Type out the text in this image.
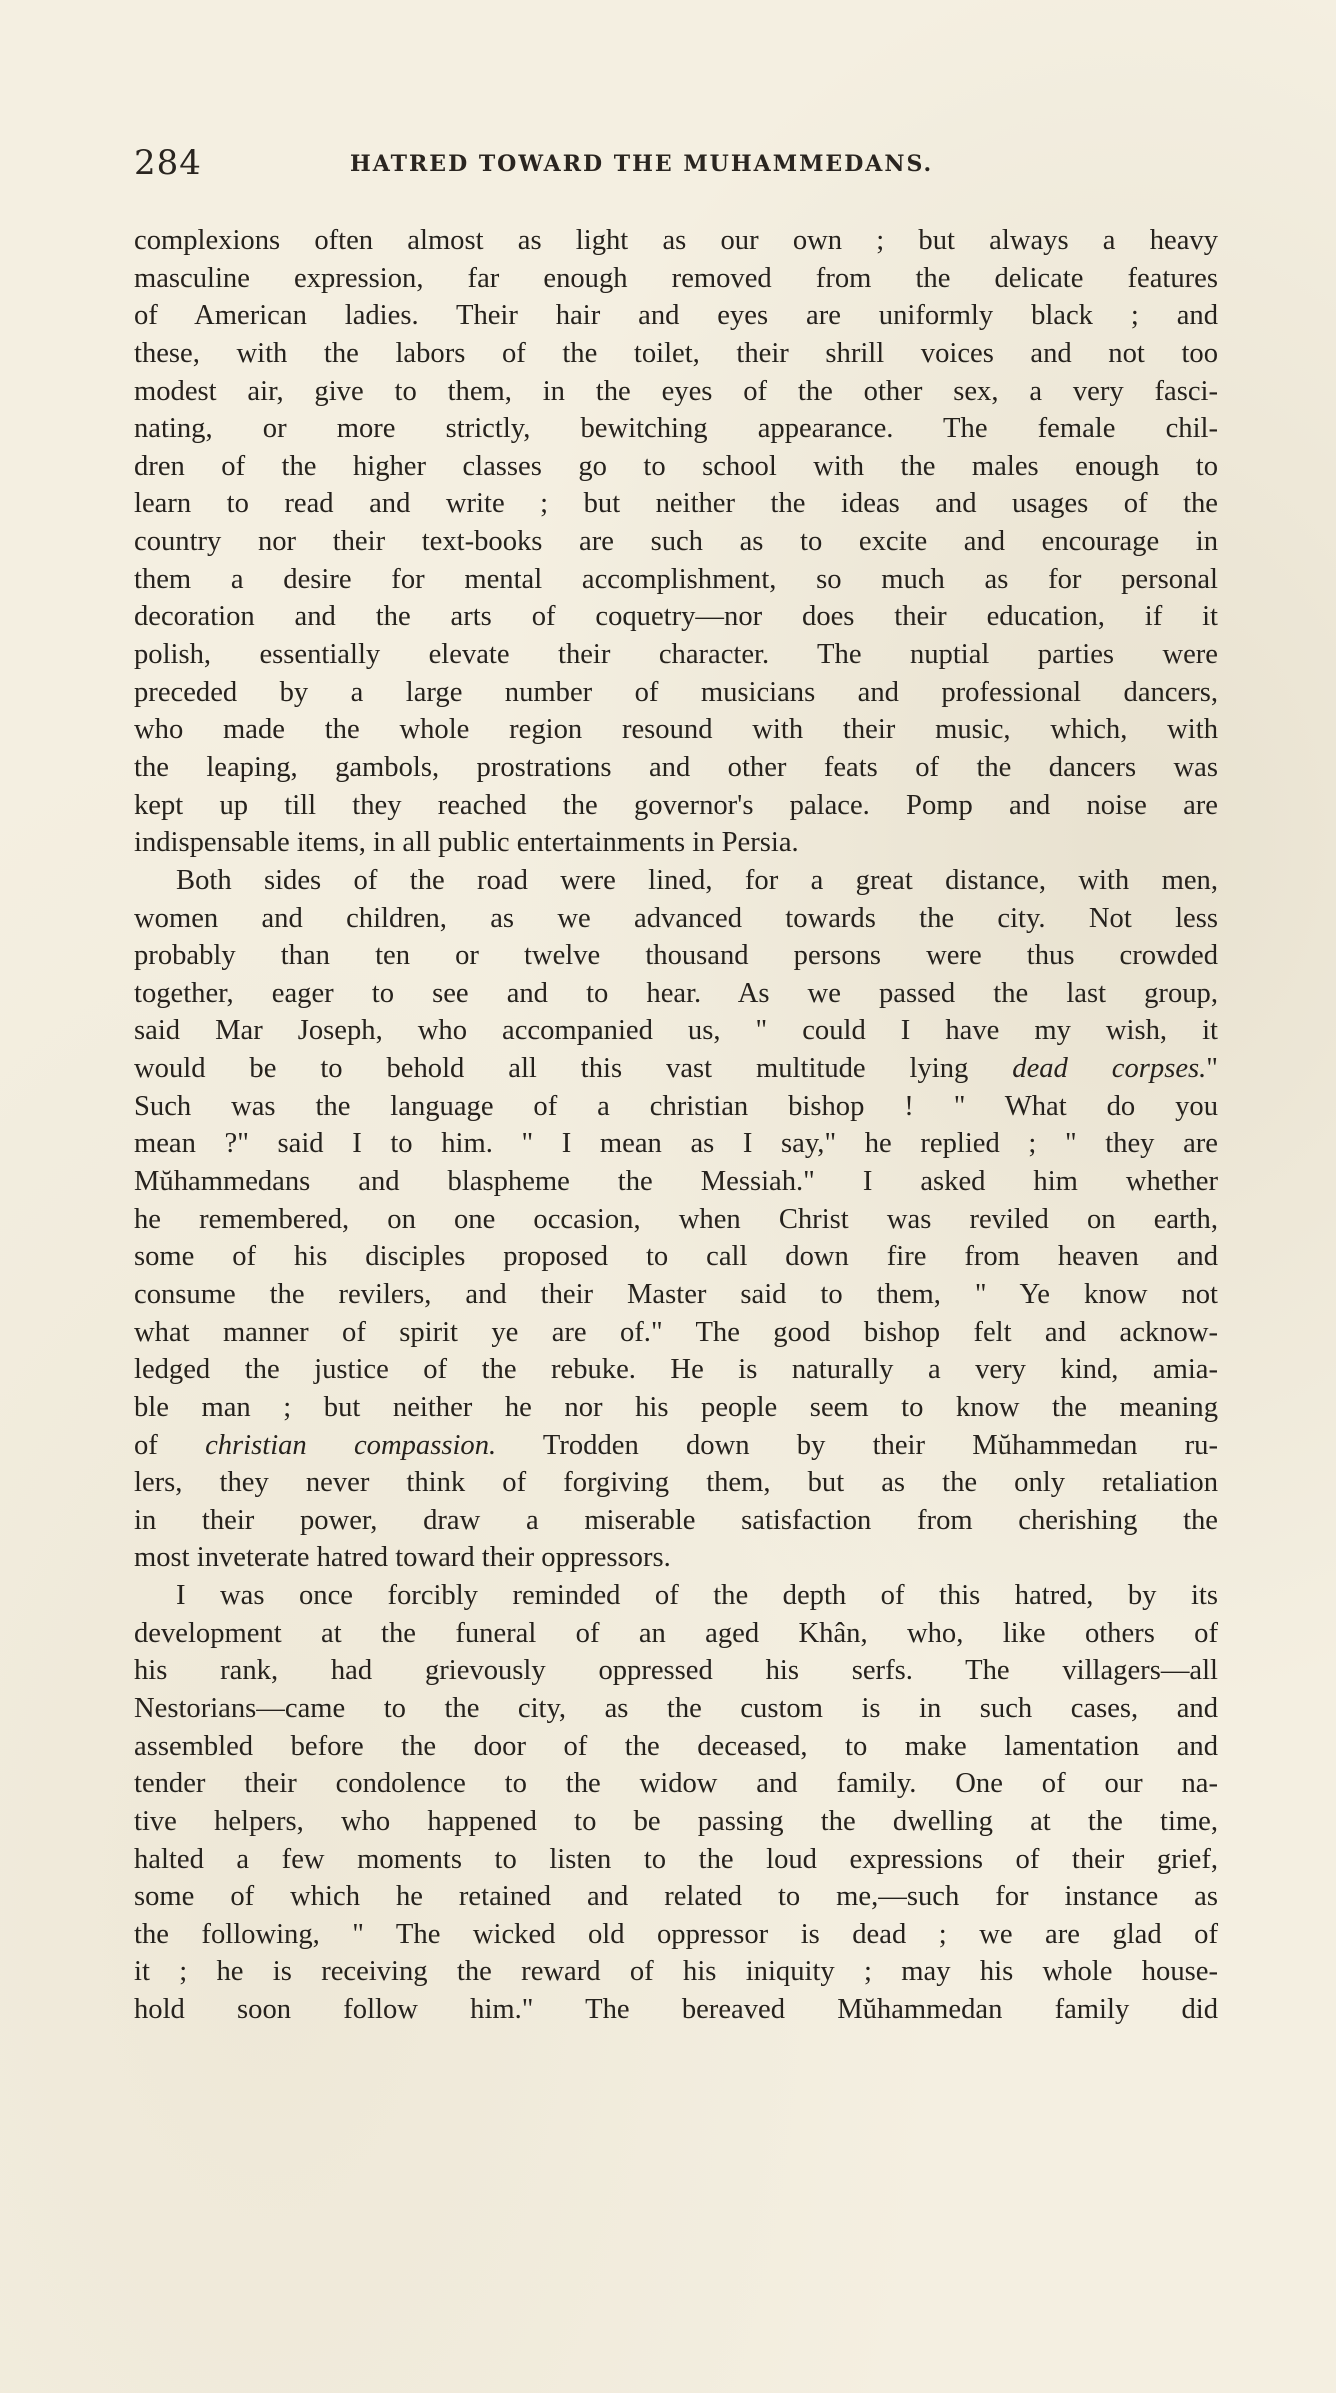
284	HATRED TOWARD THE MUHAMMEDANS.
complexions often almost as light as our own ; but always a heavy
masculine expression, far enough removed from the delicate features
of American ladies. Their hair and eyes are uniformly black ; and
these, with the labors of the toilet, their shrill voices and not too
modest air, give to them, in the eyes of the other sex, a very fasci-
nating, or more strictly, bewitching appearance. The female chil-
dren of the higher classes go to school with the males enough to
learn to read and write ; but neither the ideas and usages of the
country nor their text-books are such as to excite and encourage in
them a desire for mental accomplishment, so much as for personal
decoration and the arts of coquetry—nor does their education, if it
polish, essentially elevate their character. The nuptial parties were
preceded by a large number of musicians and professional dancers,
who made the whole region resound with their music, which, with
the leaping, gambols, prostrations and other feats of the dancers was
kept up till they reached the governor's palace. Pomp and noise are
indispensable items, in all public entertainments in Persia.
Both sides of the road were lined, for a great distance, with men,
women and children, as we advanced towards the city. Not less
probably than ten or twelve thousand persons were thus crowded
together, eager to see and to hear. As we passed the last group,
said Mar Joseph, who accompanied us, " could I have my wish, it
would be to behold all this vast multitude lying dead corpses."
Such was the language of a christian bishop ! " What do you
mean ?" said I to him. " I mean as I say," he replied ; " they are
Mŭhammedans and blaspheme the Messiah." I asked him whether
he remembered, on one occasion, when Christ was reviled on earth,
some of his disciples proposed to call down fire from heaven and
consume the revilers, and their Master said to them, " Ye know not
what manner of spirit ye are of." The good bishop felt and acknow-
ledged the justice of the rebuke. He is naturally a very kind, amia-
ble man ; but neither he nor his people seem to know the meaning
of christian compassion. Trodden down by their Mŭhammedan ru-
lers, they never think of forgiving them, but as the only retaliation
in their power, draw a miserable satisfaction from cherishing the
most inveterate hatred toward their oppressors.
I was once forcibly reminded of the depth of this hatred, by its
development at the funeral of an aged Khân, who, like others of
his rank, had grievously oppressed his serfs. The villagers—all
Nestorians—came to the city, as the custom is in such cases, and
assembled before the door of the deceased, to make lamentation and
tender their condolence to the widow and family. One of our na-
tive helpers, who happened to be passing the dwelling at the time,
halted a few moments to listen to the loud expressions of their grief,
some of which he retained and related to me,—such for instance as
the following, " The wicked old oppressor is dead ; we are glad of
it ; he is receiving the reward of his iniquity ; may his whole house-
hold soon follow him." The bereaved Mŭhammedan family did
